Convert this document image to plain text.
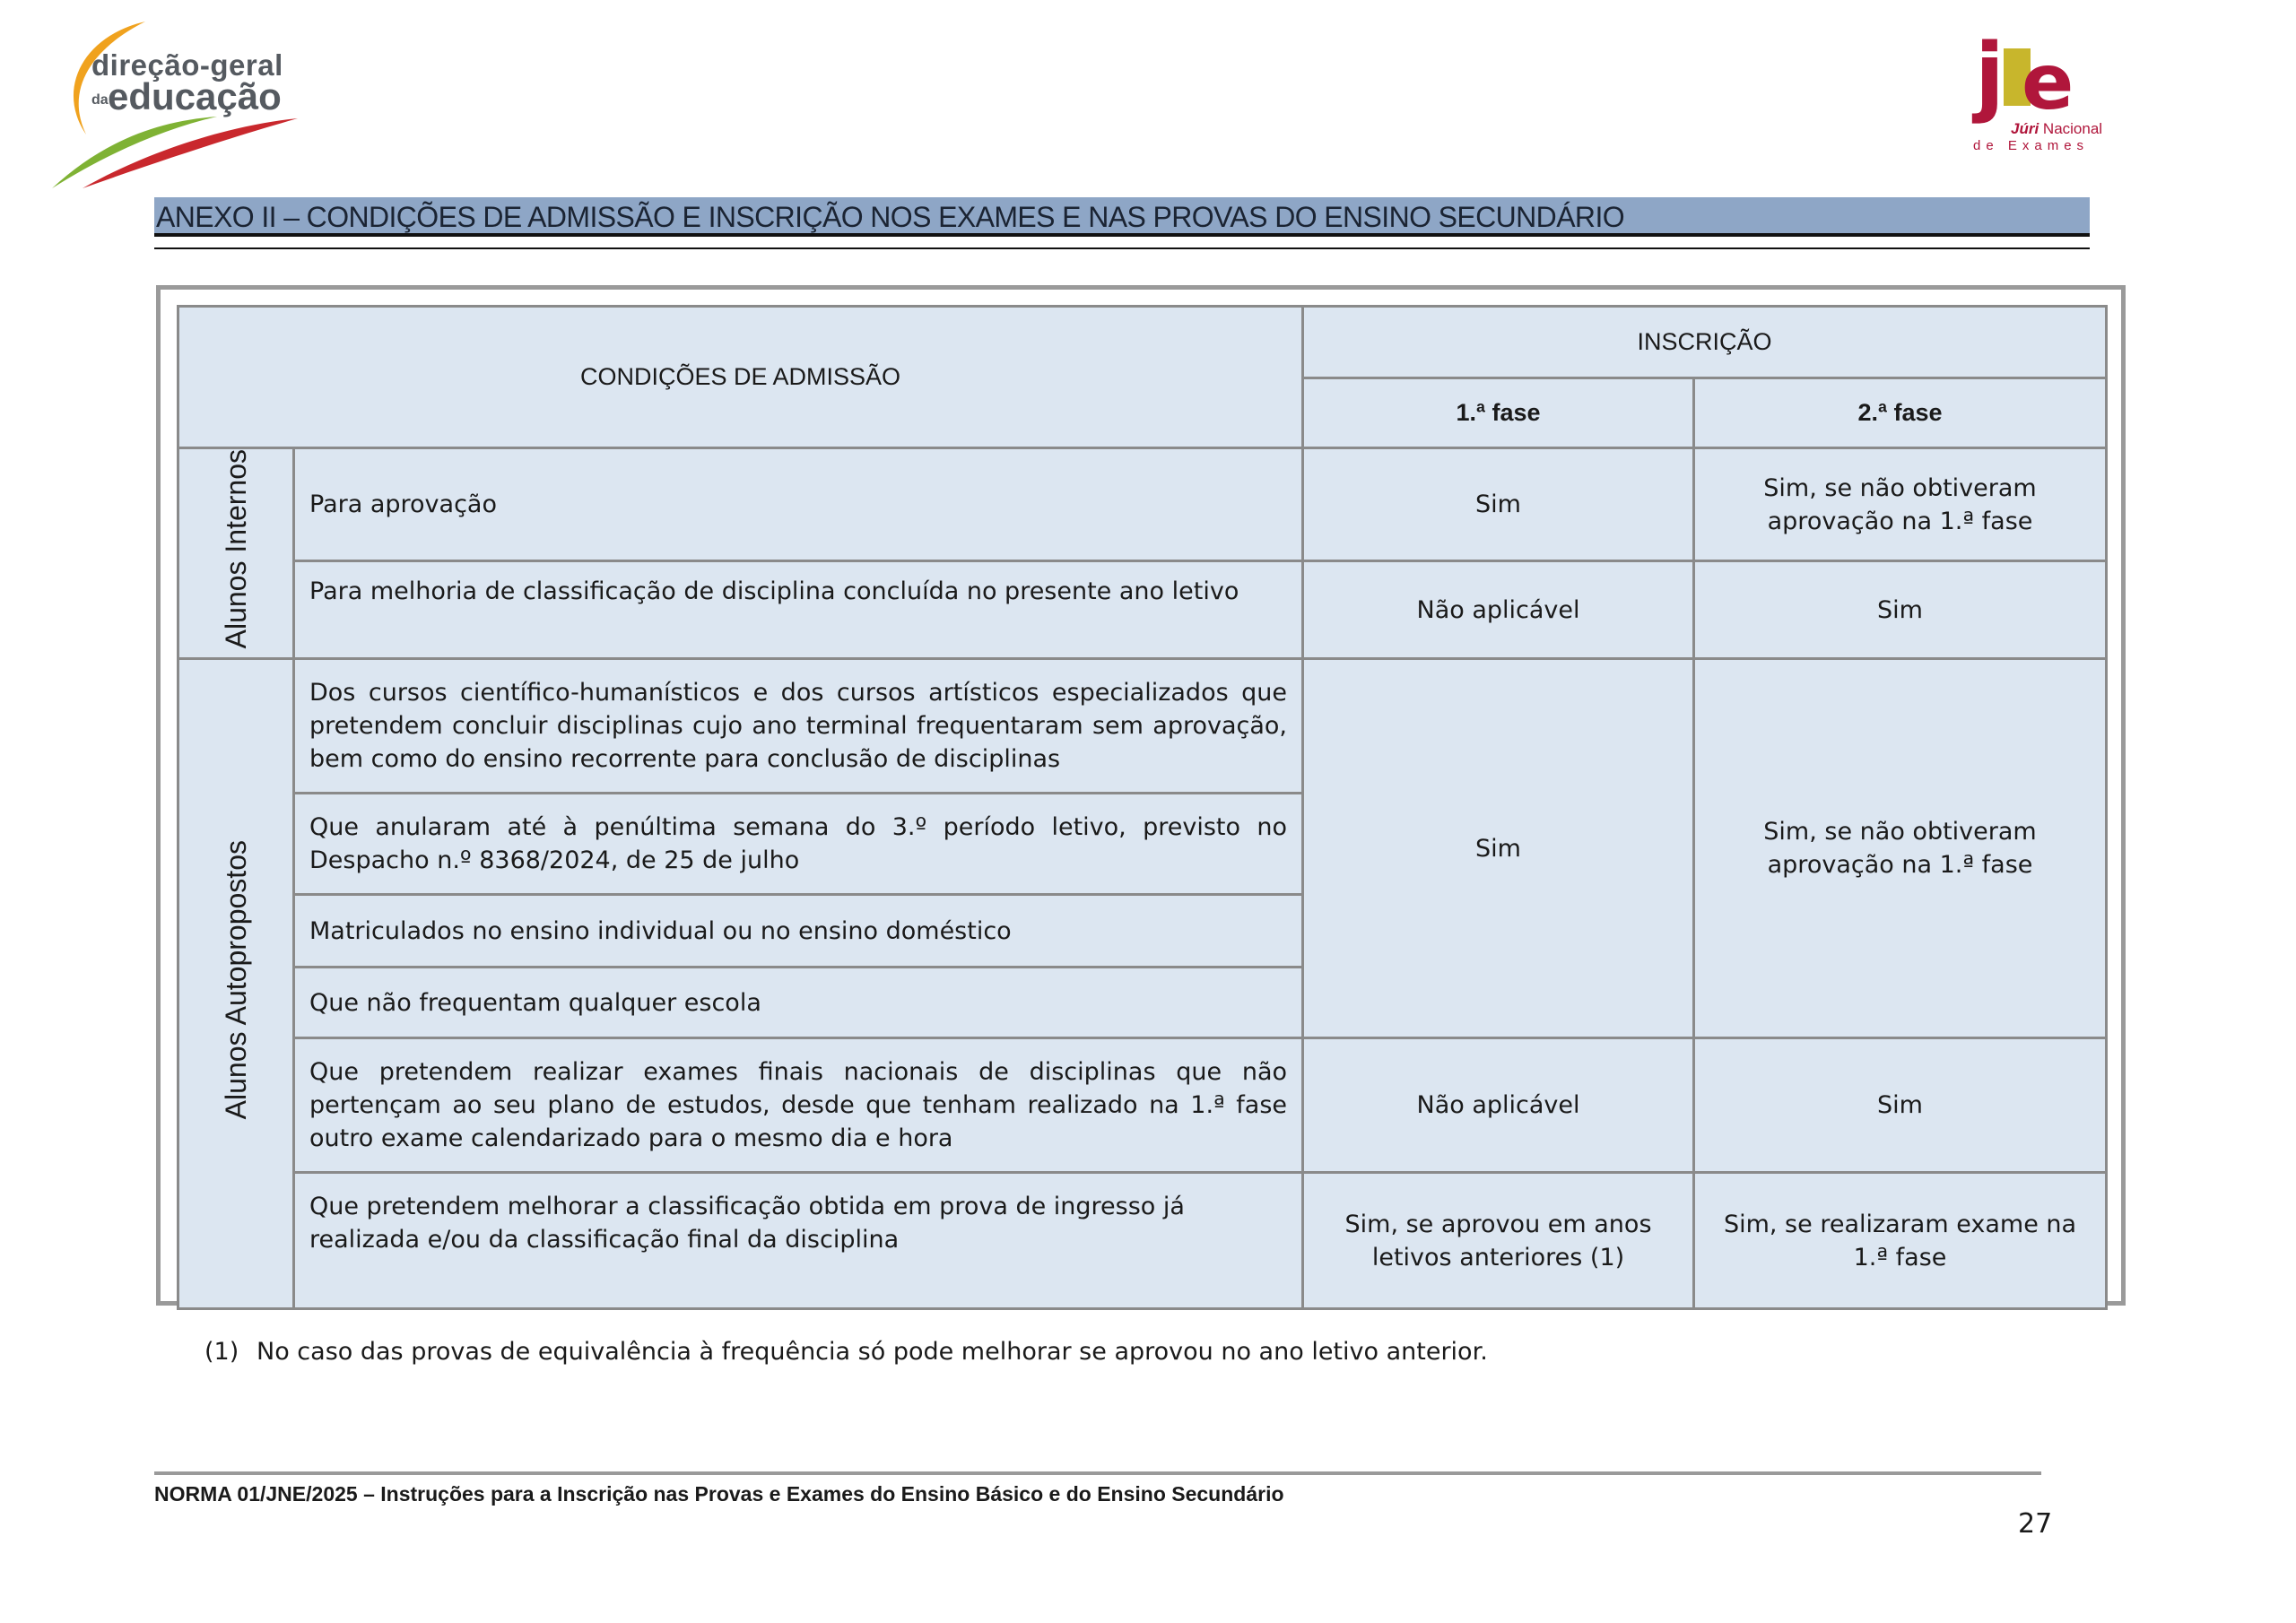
direção-geral
daeducação	j e
Júri Nacional
de Exames
ANEXO II – CONDIÇÕES DE ADMISSÃO E INSCRIÇÃO NOS EXAMES E NAS PROVAS DO ENSINO SECUNDÁRIO
CONDIÇÕES DE ADMISSÃO		INSCRIÇÃO	
		1.ª fase	2.ª fase
Alunos Internos	Para aprovação	Sim	Sim, se não obtiveram aprovação na 1.ª fase
	Para melhoria de classificação de disciplina concluída no presente ano letivo	Não aplicável	Sim
Alunos Autopropostos	Dos cursos científico-humanísticos e dos cursos artísticos especializados que pretendem concluir disciplinas cujo ano terminal frequentaram sem aprovação, bem como do ensino recorrente para conclusão de disciplinas	Sim	Sim, se não obtiveram aprovação na 1.ª fase
	Que anularam até à penúltima semana do 3.º período letivo, previsto no Despacho n.º 8368/2024, de 25 de julho		
	Matriculados no ensino individual ou no ensino doméstico		
	Que não frequentam qualquer escola		
	Que pretendem realizar exames finais nacionais de disciplinas que não pertençam ao seu plano de estudos, desde que tenham realizado na 1.ª fase outro exame calendarizado para o mesmo dia e hora	Não aplicável	Sim
	Que pretendem melhorar a classificação obtida em prova de ingresso já realizada e/ou da classificação final da disciplina	Sim, se aprovou em anos letivos anteriores (1)	Sim, se realizaram exame na 1.ª fase
(1) No caso das provas de equivalência à frequência só pode melhorar se aprovou no ano letivo anterior.
NORMA 01/JNE/2025 – Instruções para a Inscrição nas Provas e Exames do Ensino Básico e do Ensino Secundário
27
